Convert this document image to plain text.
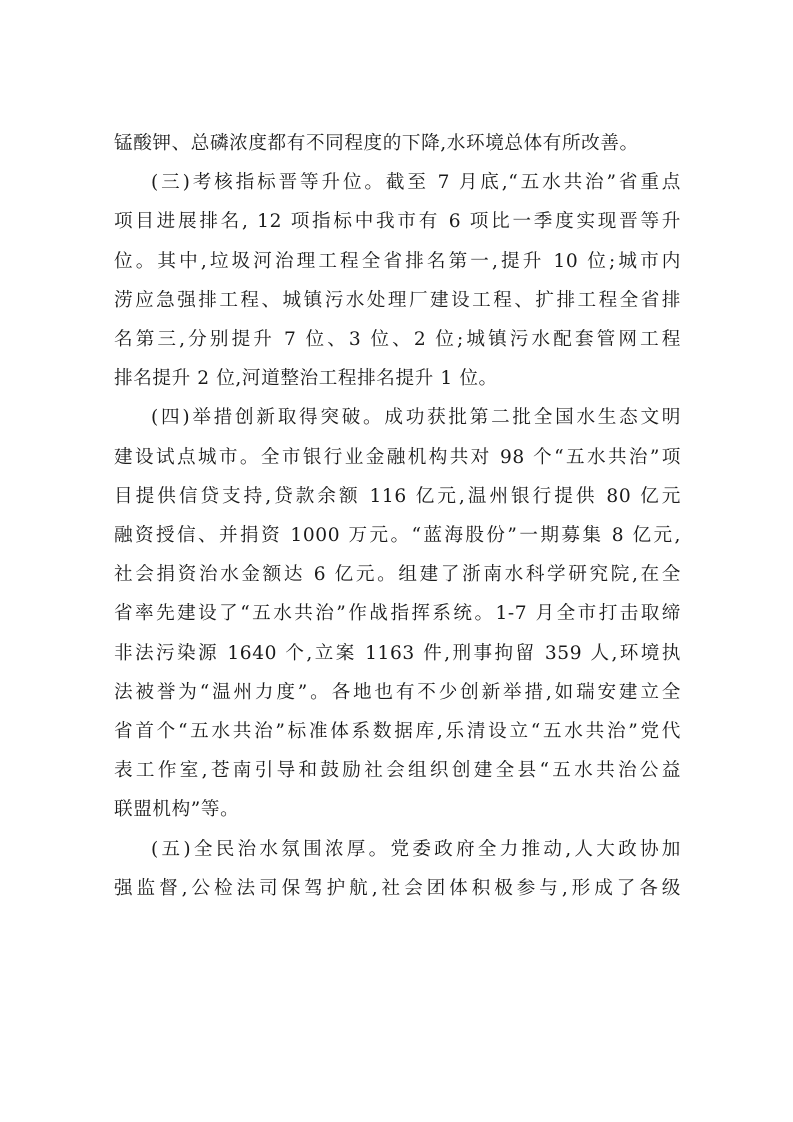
锰酸钾、总磷浓度都有不同程度的下降,水环境总体有所改善。
(三)考核指标晋等升位。截至 7 月底,“五水共治”省重点
项目进展排名, 12 项指标中我市有 6 项比一季度实现晋等升
位。其中,垃圾河治理工程全省排名第一,提升 10 位;城市内
涝应急强排工程、城镇污水处理厂建设工程、扩排工程全省排
名第三,分别提升 7 位、3 位、2 位;城镇污水配套管网工程
排名提升 2 位,河道整治工程排名提升 1 位。
(四)举措创新取得突破。成功获批第二批全国水生态文明
建设试点城市。全市银行业金融机构共对 98 个“五水共治”项
目提供信贷支持,贷款余额 116 亿元,温州银行提供 80 亿元
融资授信、并捐资 1000 万元。“蓝海股份”一期募集 8 亿元,
社会捐资治水金额达 6 亿元。组建了浙南水科学研究院,在全
省率先建设了“五水共治”作战指挥系统。1-7 月全市打击取缔
非法污染源 1640 个,立案 1163 件,刑事拘留 359 人,环境执
法被誉为“温州力度”。各地也有不少创新举措,如瑞安建立全
省首个“五水共治”标准体系数据库,乐清设立“五水共治”党代
表工作室,苍南引导和鼓励社会组织创建全县“五水共治公益
联盟机构”等。
(五)全民治水氛围浓厚。党委政府全力推动,人大政协加
强监督,公检法司保驾护航,社会团体积极参与,形成了各级
